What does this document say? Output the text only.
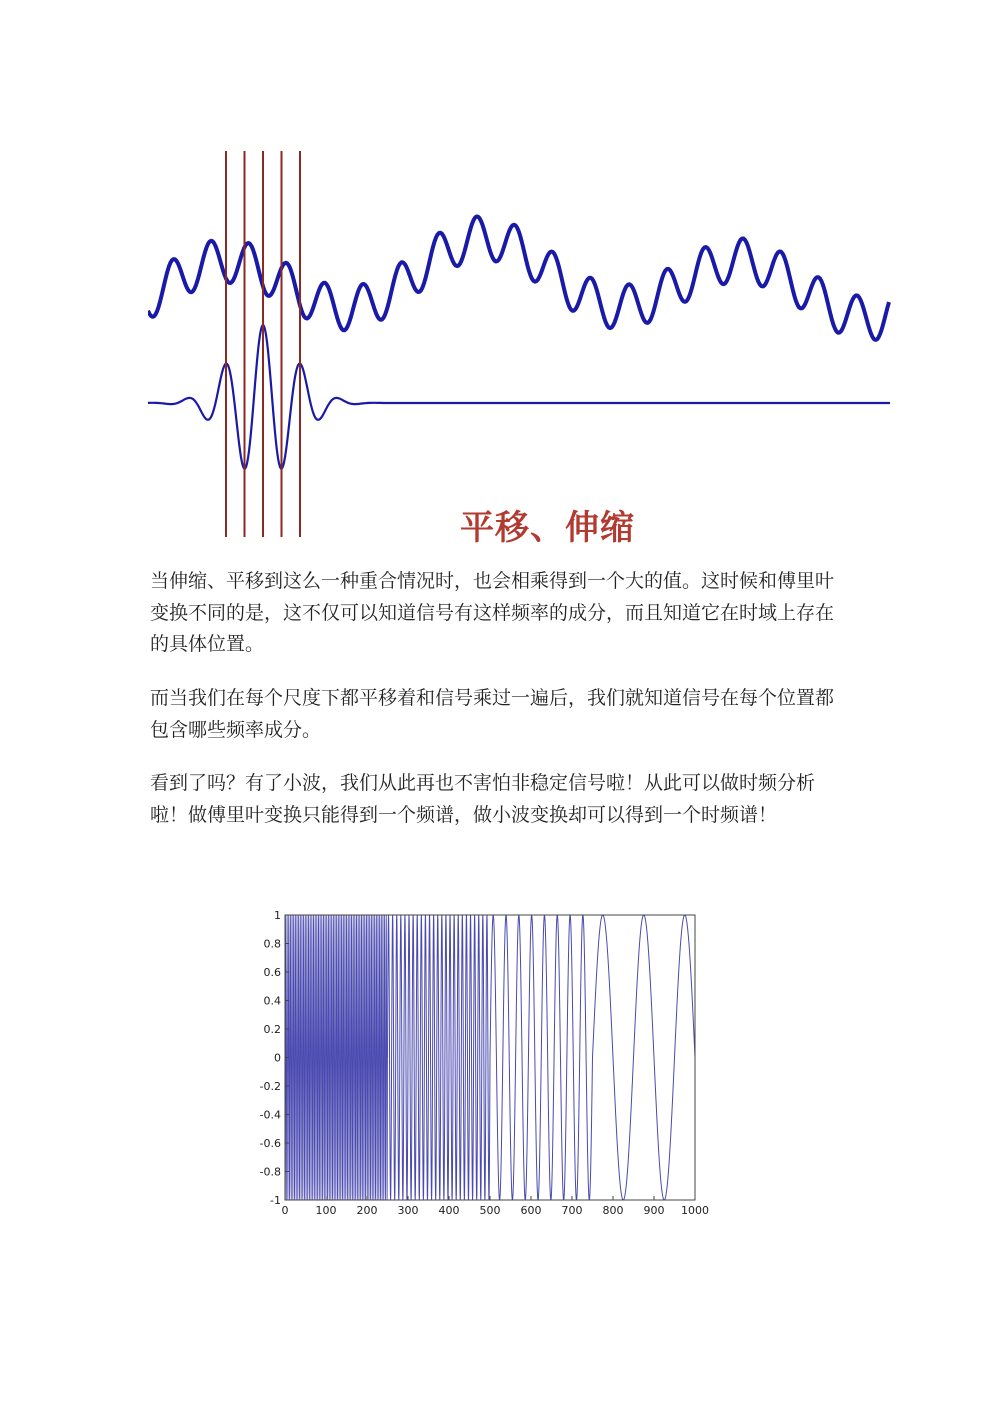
平移、伸缩

当伸缩、平移到这么一种重合情况时，也会相乘得到一个大的值。这时候和傅里叶变换不同的是，这不仅可以知道信号有这样频率的成分，而且知道它在时域上存在的具体位置。

而当我们在每个尺度下都平移着和信号乘过一遍后，我们就知道信号在每个位置都包含哪些频率成分。

看到了吗？有了小波，我们从此再也不害怕非稳定信号啦！从此可以做时频分析啦！做傅里叶变换只能得到一个频谱，做小波变换却可以得到一个时频谱！

0 100 200 300 400 500 600 700 800 900 1000
1
0.8
0.6
0.4
0.2
0
-0.2
-0.4
-0.6
-0.8
-1
